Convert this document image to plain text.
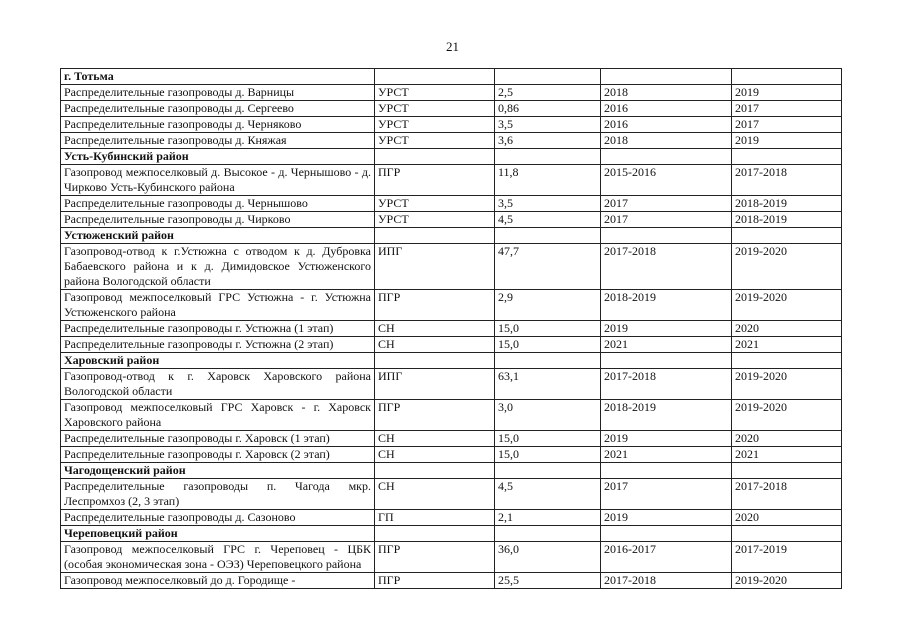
21
г. Тотьма				
Распределительные газопроводы д. Варницы	УРСТ	2,5	2018	2019
Распределительные газопроводы д. Сергеево	УРСТ	0,86	2016	2017
Распределительные газопроводы д. Черняково	УРСТ	3,5	2016	2017
Распределительные газопроводы д. Княжая	УРСТ	3,6	2018	2019
Усть-Кубинский район				
Газопровод межпоселковый д. Высокое - д. Чернышово - д. Чирково Усть-Кубинского района	ПГР	11,8	2015-2016	2017-2018
Распределительные газопроводы д. Чернышово	УРСТ	3,5	2017	2018-2019
Распределительные газопроводы д. Чирково	УРСТ	4,5	2017	2018-2019
Устюженский район				
Газопровод-отвод к г.Устюжна с отводом к д. Дубровка Бабаевского района и к д. Димидовское Устюженского района Вологодской области	ИПГ	47,7	2017-2018	2019-2020
Газопровод межпоселковый ГРС Устюжна - г. Устюжна Устюженского района	ПГР	2,9	2018-2019	2019-2020
Распределительные газопроводы г. Устюжна (1 этап)	СН	15,0	2019	2020
Распределительные газопроводы г. Устюжна (2 этап)	СН	15,0	2021	2021
Харовский район				
Газопровод-отвод к г. Харовск Харовского района Вологодской области	ИПГ	63,1	2017-2018	2019-2020
Газопровод межпоселковый ГРС Харовск - г. Харовск Харовского района	ПГР	3,0	2018-2019	2019-2020
Распределительные газопроводы г. Харовск (1 этап)	СН	15,0	2019	2020
Распределительные газопроводы г. Харовск (2 этап)	СН	15,0	2021	2021
Чагодощенский район				
Распределительные газопроводы п. Чагода мкр. Леспромхоз (2, 3 этап)	СН	4,5	2017	2017-2018
Распределительные газопроводы д. Сазоново	ГП	2,1	2019	2020
Череповецкий район				
Газопровод межпоселковый ГРС г. Череповец - ЦБК (особая экономическая зона - ОЭЗ) Череповецкого района	ПГР	36,0	2016-2017	2017-2019
Газопровод межпоселковый до д. Городище -	ПГР	25,5	2017-2018	2019-2020
